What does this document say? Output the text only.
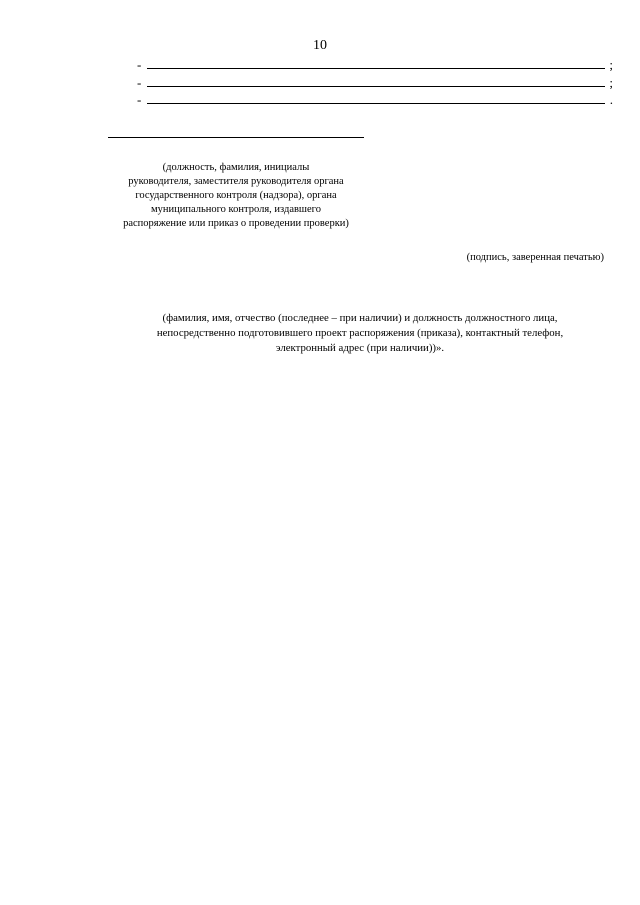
10
-	;
-	;
-	.
(должность, фамилия, инициалы
руководителя, заместителя руководителя органа
государственного контроля (надзора), органа
муниципального контроля, издавшего
распоряжение или приказ о проведении проверки)
(подпись, заверенная печатью)
(фамилия, имя, отчество (последнее – при наличии) и должность должностного лица,
непосредственно подготовившего проект распоряжения (приказа), контактный телефон,
электронный адрес (при наличии))».
